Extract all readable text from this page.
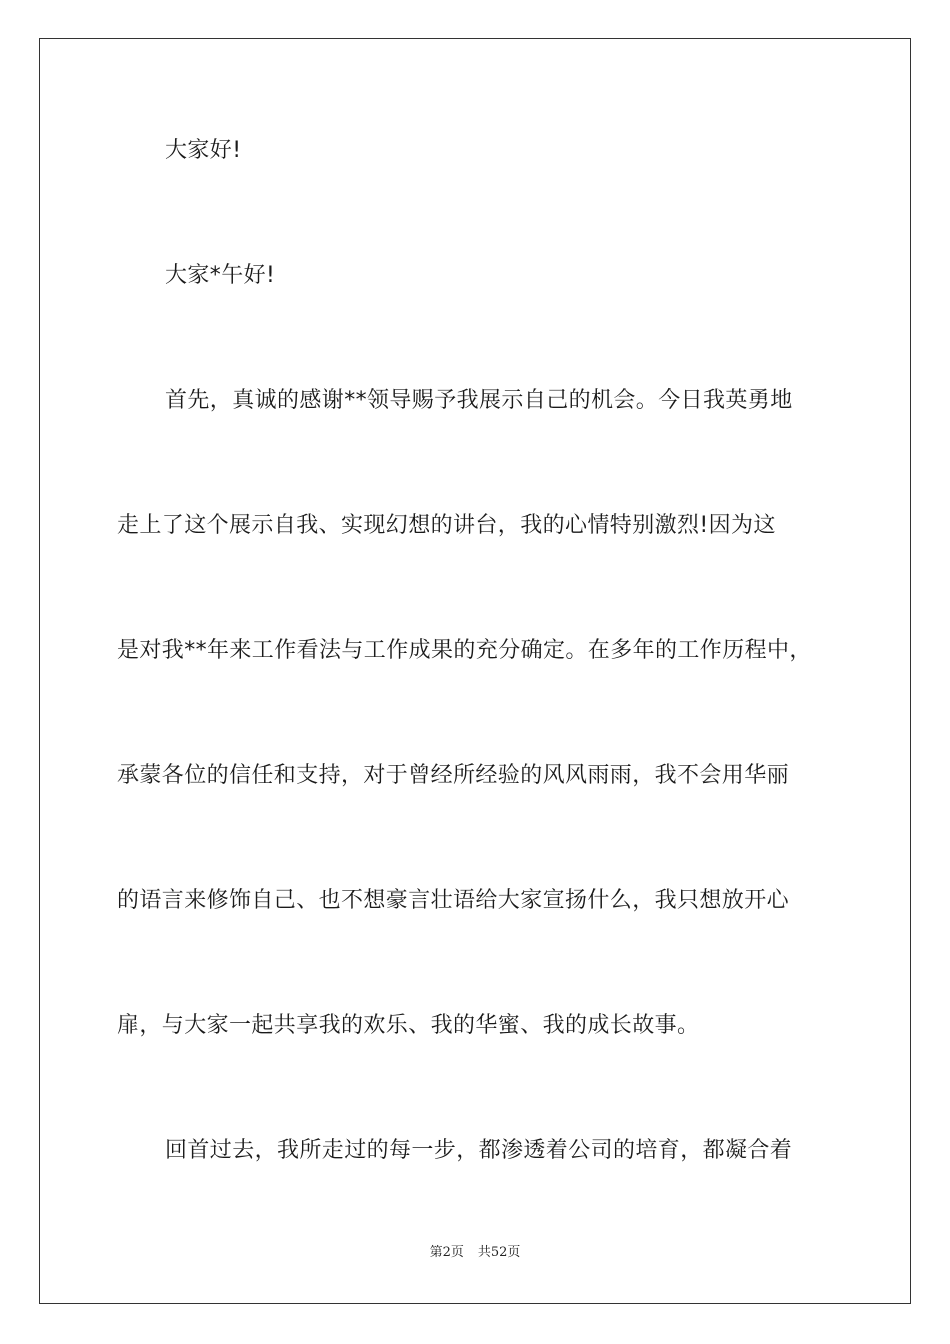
大家好!
大家*午好!
首先，真诚的感谢**领导赐予我展示自己的机会。今日我英勇地
走上了这个展示自我、实现幻想的讲台，我的心情特别激烈!因为这
是对我**年来工作看法与工作成果的充分确定。在多年的工作历程中，
承蒙各位的信任和支持，对于曾经所经验的风风雨雨，我不会用华丽
的语言来修饰自己、也不想豪言壮语给大家宣扬什么，我只想放开心
扉，与大家一起共享我的欢乐、我的华蜜、我的成长故事。
回首过去，我所走过的每一步，都渗透着公司的培育，都凝合着
第2页 共52页
